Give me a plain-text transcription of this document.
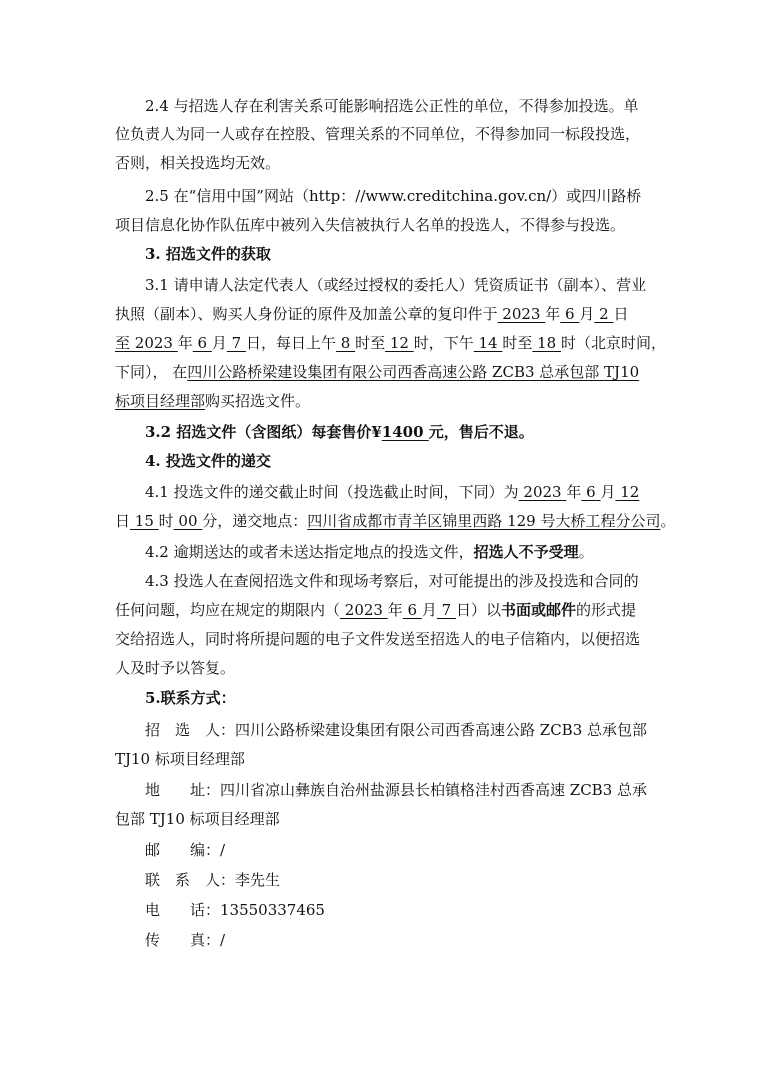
　　2.4 与招选人存在利害关系可能影响招选公正性的单位，不得参加投选。单

位负责人为同一人或存在控股、管理关系的不同单位，不得参加同一标段投选，

否则，相关投选均无效。

　　2.5 在“信用中国”网站（http：//www.creditchina.gov.cn/）或四川路桥

项目信息化协作队伍库中被列入失信被执行人名单的投选人，不得参与投选。

　　3. 招选文件的获取

　　3.1 请申请人法定代表人（或经过授权的委托人）凭资质证书（副本）、营业

执照（副本）、购买人身份证的原件及加盖公章的复印件于 2023 年 6 月 2 日

至 2023 年 6 月 7 日，每日上午 8 时至 12 时，下午 14 时至 18 时（北京时间，

下同）， 在四川公路桥梁建设集团有限公司西香高速公路 ZCB3 总承包部 TJ10

标项目经理部购买招选文件。

　　3.2 招选文件（含图纸）每套售价¥1400 元，售后不退。

　　4. 投选文件的递交

　　4.1 投选文件的递交截止时间（投选截止时间，下同）为 2023 年 6 月 12

日 15 时 00 分，递交地点：四川省成都市青羊区锦里西路 129 号大桥工程分公司。

　　4.2 逾期送达的或者未送达指定地点的投选文件，招选人不予受理。

　　4.3 投选人在查阅招选文件和现场考察后，对可能提出的涉及投选和合同的

任何问题，均应在规定的期限内（ 2023 年 6 月 7 日）以书面或邮件的形式提

交给招选人，同时将所提问题的电子文件发送至招选人的电子信箱内，以便招选

人及时予以答复。

　　5.联系方式：

　　招　选　人：四川公路桥梁建设集团有限公司西香高速公路 ZCB3 总承包部

TJ10 标项目经理部

　　地　　址：四川省凉山彝族自治州盐源县长柏镇格洼村西香高速 ZCB3 总承

包部 TJ10 标项目经理部

　　邮　　编：/

　　联　系　人：李先生

　　电　　话：13550337465

　　传　　真：/
